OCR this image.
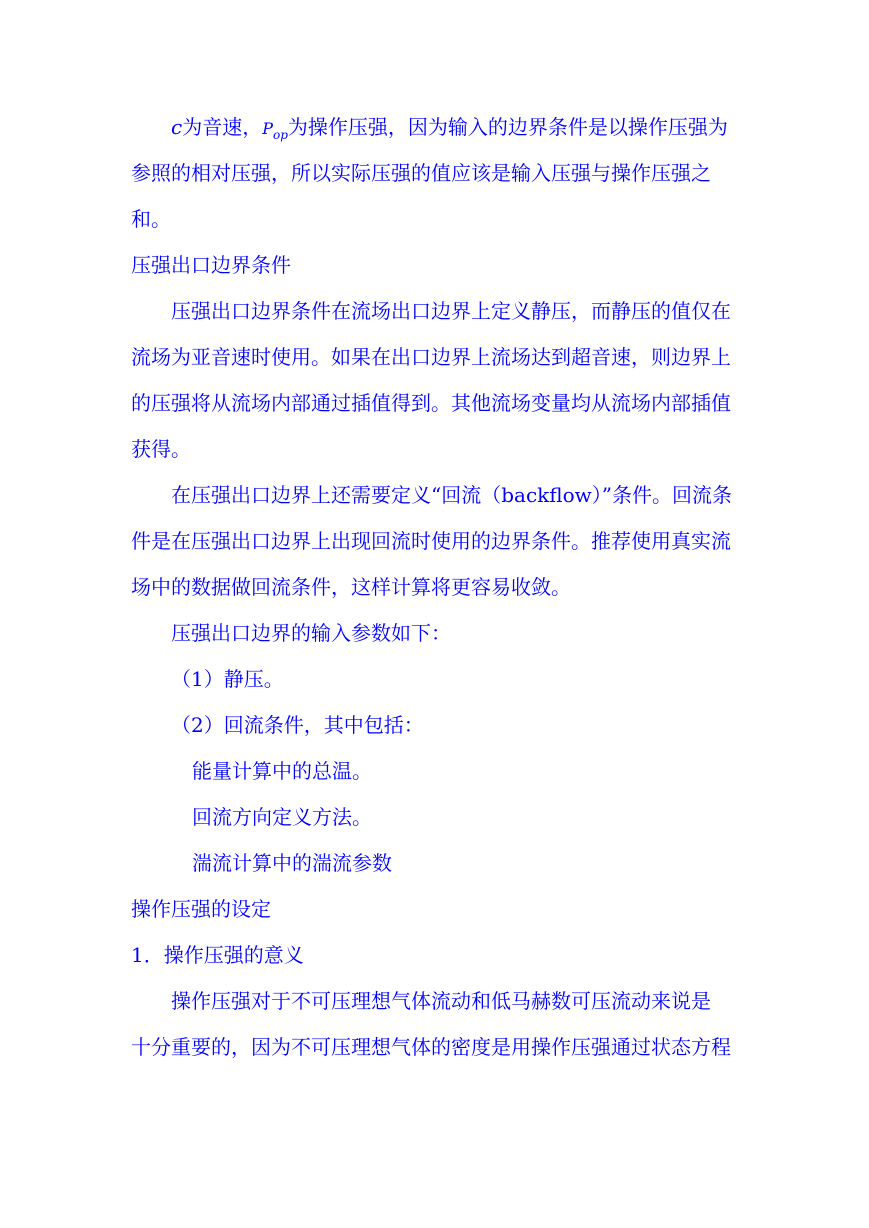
c为音速，$P_{op}$为操作压强，因为输入的边界条件是以操作压强为
参照的相对压强，所以实际压强的值应该是输入压强与操作压强之
和。
压强出口边界条件
压强出口边界条件在流场出口边界上定义静压，而静压的值仅在
流场为亚音速时使用。如果在出口边界上流场达到超音速，则边界上
的压强将从流场内部通过插值得到。其他流场变量均从流场内部插值
获得。
在压强出口边界上还需要定义“回流（backflow）”条件。回流条
件是在压强出口边界上出现回流时使用的边界条件。推荐使用真实流
场中的数据做回流条件，这样计算将更容易收敛。
压强出口边界的输入参数如下：
（1）静压。
（2）回流条件，其中包括：
能量计算中的总温。
回流方向定义方法。
湍流计算中的湍流参数
操作压强的设定
1．操作压强的意义
操作压强对于不可压理想气体流动和低马赫数可压流动来说是
十分重要的，因为不可压理想气体的密度是用操作压强通过状态方程
